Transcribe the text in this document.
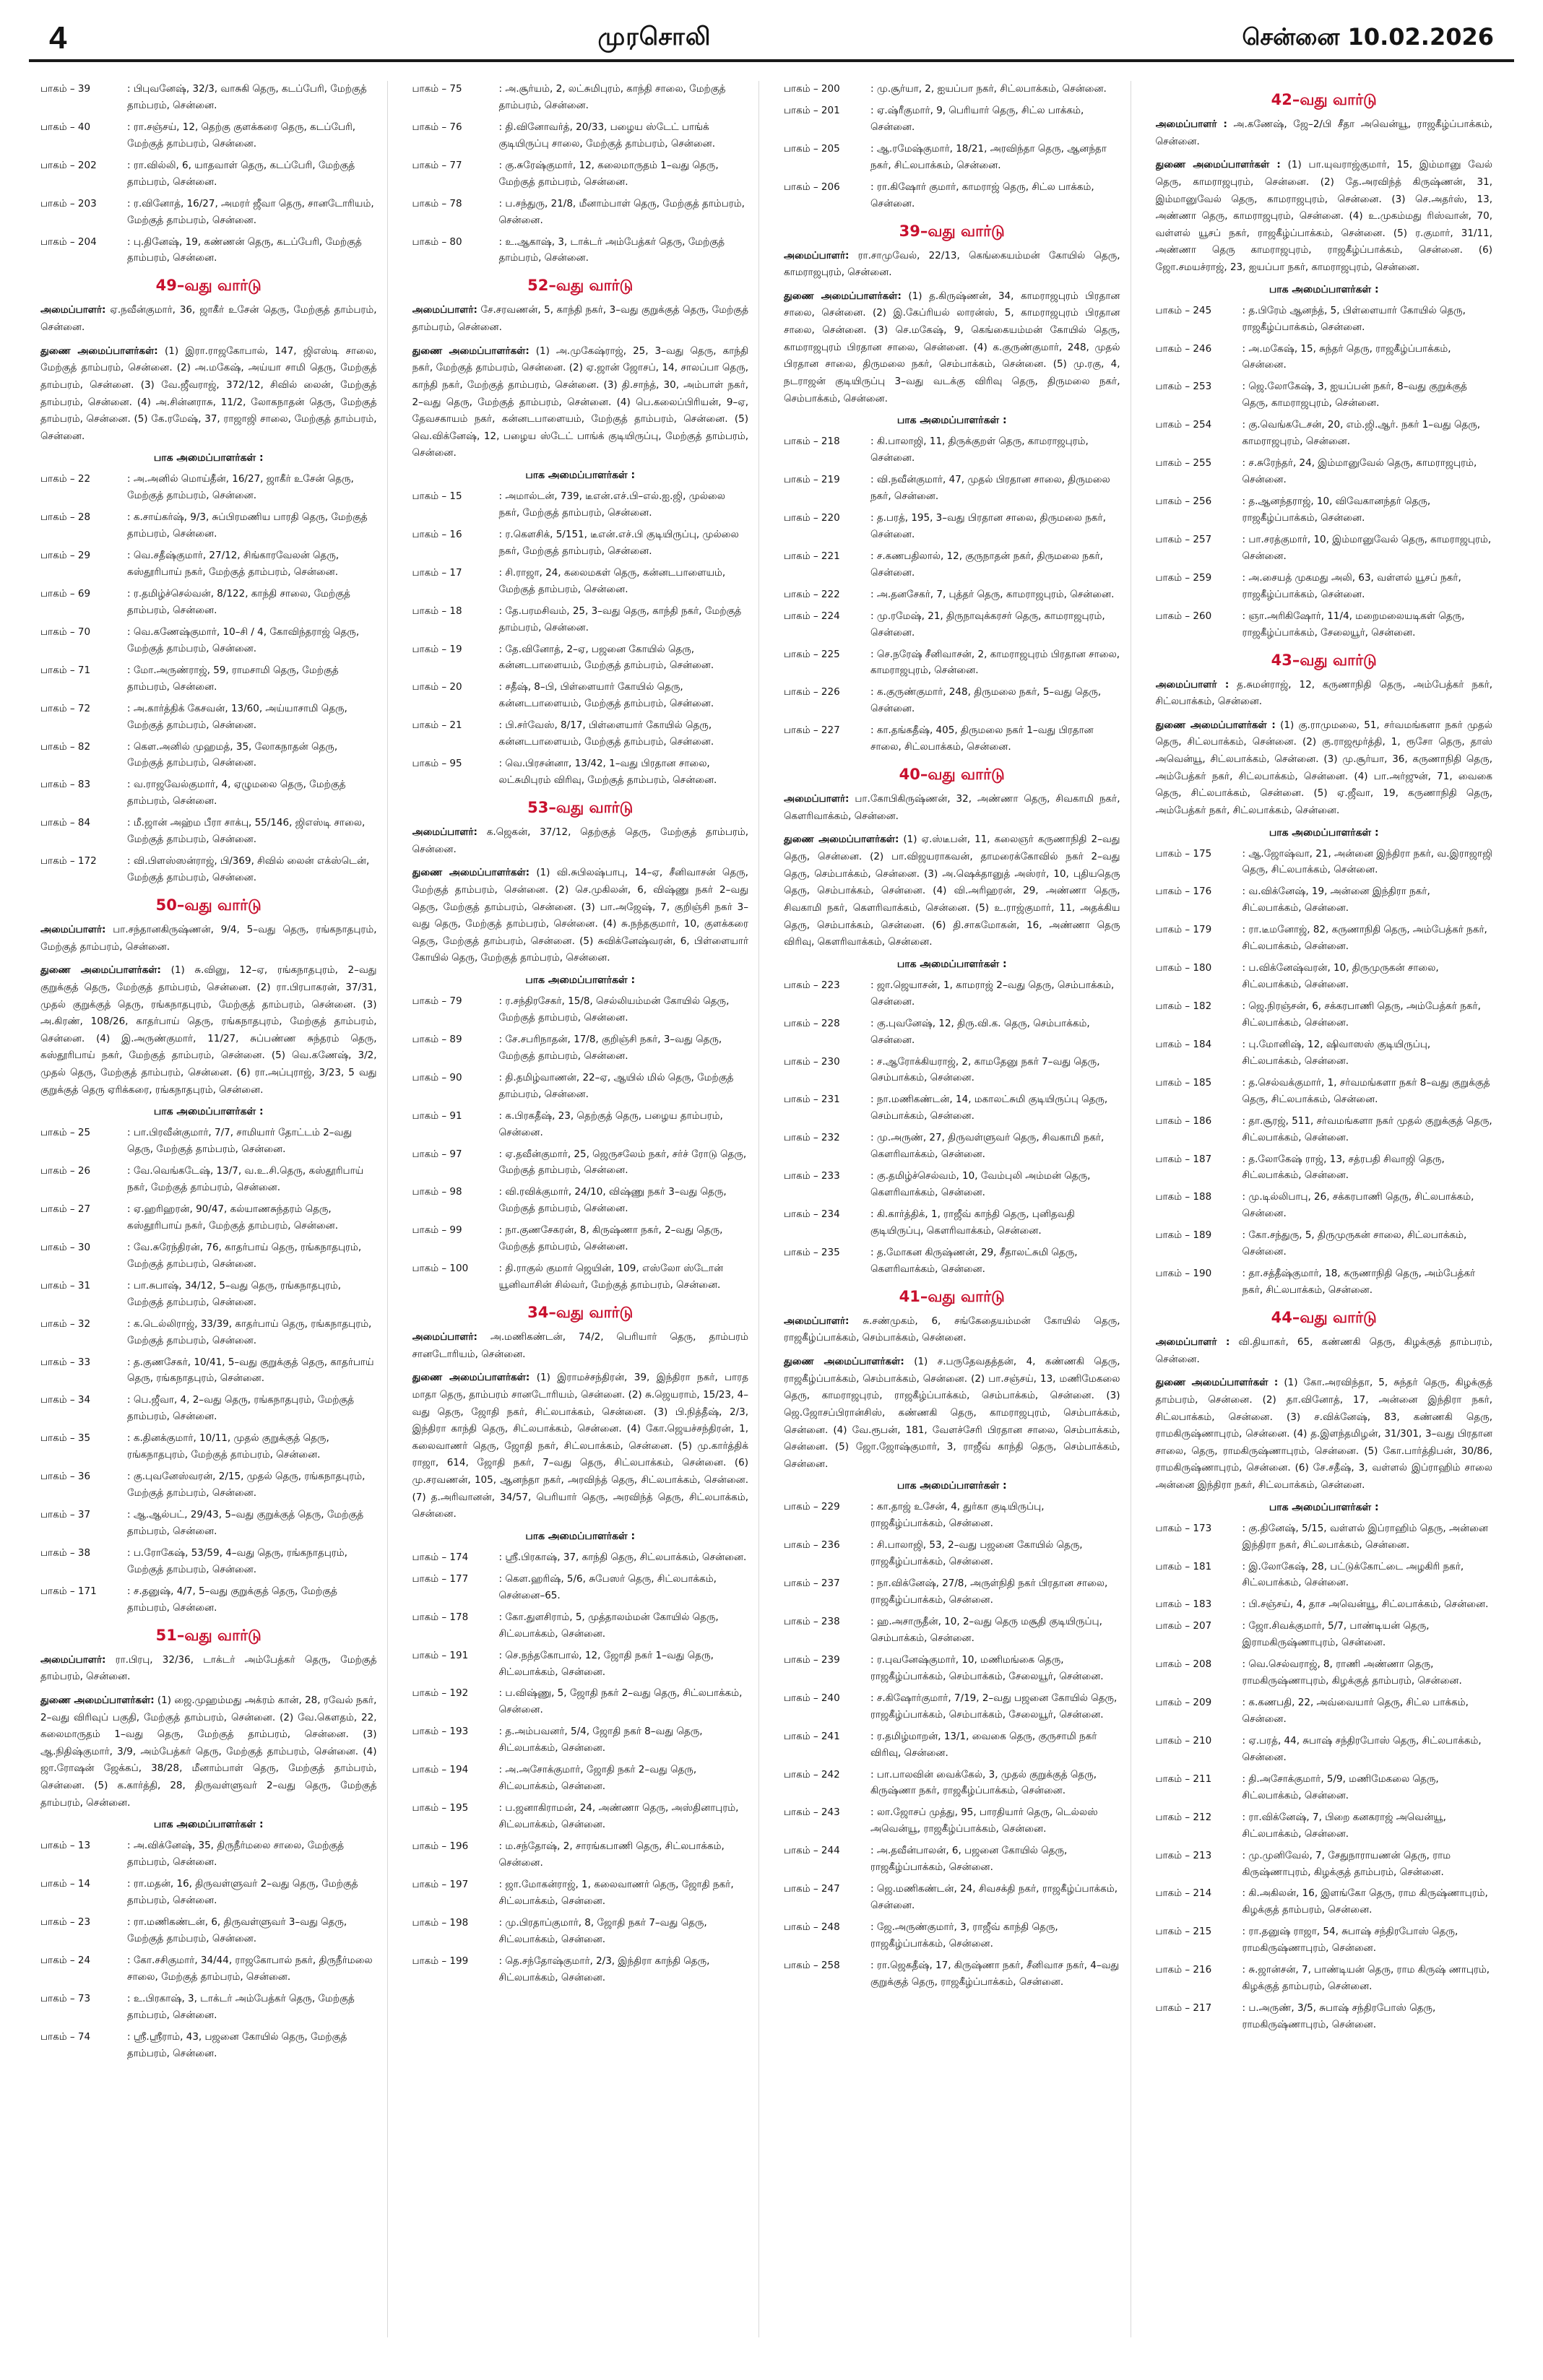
4	முரசொலி	சென்னை 10.02.2026
பாகம் – 39	: பிபுவனேஷ், 32/3, வாசுகி தெரு, கடப்பேரி, மேற்குத் தாம்பரம், சென்னை.
பாகம் – 40	: ரா.சஞ்சய், 12, தெற்கு குளக்கரை தெரு, கடப்பேரி, மேற்குத் தாம்பரம், சென்னை.
பாகம் – 202	: ரா.வில்லி, 6, யாதவாள் தெரு, கடப்பேரி, மேற்குத் தாம்பரம், சென்னை.
பாகம் – 203	: ர.வினோத், 16/27, அமரர் ஜீவா தெரு, சானடோரியம், மேற்குத் தாம்பரம், சென்னை.
பாகம் – 204	: பு.தினேஷ், 19, கண்ணன் தெரு, கடப்பேரி, மேற்குத் தாம்பரம், சென்னை.
49–வது வார்டு

அமைப்பாளர்: ஏ.நவீன்குமார், 36, ஜாகீர் உசேன் தெரு, மேற்குத் தாம்பரம், சென்னை.

துணை அமைப்பாளர்கள்: (1) இரா.ராஜகோபால், 147, ஜிஎஸ்டி சாலை, மேற்குத் தாம்பரம், சென்னை. (2) அ.மகேஷ், அய்யா சாமி தெரு, மேற்குத் தாம்பரம், சென்னை. (3) வே.ஜீவராஜ், 372/12, சிவில் லைன், மேற்குத் தாம்பரம், சென்னை. (4) அ.சின்னராசு, 11/2, லோகநாதன் தெரு, மேற்குத் தாம்பரம், சென்னை. (5) கே.ரமேஷ், 37, ராஜாஜி சாலை, மேற்குத் தாம்பரம், சென்னை.

பாக அமைப்பாளர்கள் :
பாகம் – 22	: அ.அனில் மொய்தீன், 16/27, ஜாகீர் உசேன் தெரு, மேற்குத் தாம்பரம், சென்னை.
பாகம் – 28	: க.சாய்கர்ஷ், 9/3, சுப்பிரமணிய பாரதி தெரு, மேற்குத் தாம்பரம், சென்னை.
பாகம் – 29	: வெ.சதீஷ்குமார், 27/12, சிங்காரவேலன் தெரு, கஸ்தூரிபாய் நகர், மேற்குத் தாம்பரம், சென்னை.
பாகம் – 69	: ர.தமிழ்ச்செல்வன், 8/122, காந்தி சாலை, மேற்குத் தாம்பரம், சென்னை.
பாகம் – 70	: வெ.கணேஷ்குமார், 10–சி / 4, கோவிந்தராஜ் தெரு, மேற்குத் தாம்பரம், சென்னை.
பாகம் – 71	: மோ.அருண்ராஜ், 59, ராமசாமி தெரு, மேற்குத் தாம்பரம், சென்னை.
பாகம் – 72	: அ.கார்த்திக் கேசவன், 13/60, அய்யாசாமி தெரு, மேற்குத் தாம்பரம், சென்னை.
பாகம் – 82	: கௌ.அனில் முஹமத், 35, லோகநாதன் தெரு, மேற்குத் தாம்பரம், சென்னை.
பாகம் – 83	: வ.ராஜவேல்குமார், 4, ஏழுமலை தெரு, மேற்குத் தாம்பரம், சென்னை.
பாகம் – 84	: மீ.ஜான் அஹ்ம பீரா சாக்பு, 55/146, ஜிஎஸ்டி சாலை, மேற்குத் தாம்பரம், சென்னை.
பாகம் – 172	: வி.பிளஸ்ஸன்ராஜ், பி/369, சிவில் லைன் எக்ஸ்டென், மேற்குத் தாம்பரம், சென்னை.
50–வது வார்டு

அமைப்பாளர்: பா.சந்தானகிருஷ்ணன், 9/4, 5–வது தெரு, ரங்கநாதபுரம், மேற்குத் தாம்பரம், சென்னை.

துணை அமைப்பாளர்கள்: (1) சு.வினு, 12–ஏ, ரங்கநாதபுரம், 2–வது குறுக்குத் தெரு, மேற்குத் தாம்பரம், சென்னை. (2) ரா.பிரபாகரன், 37/31, முதல் குறுக்குத் தெரு, ரங்கநாதபுரம், மேற்குத் தாம்பரம், சென்னை. (3) அ.கிரண், 108/26, காதர்பாய் தெரு, ரங்கநாதபுரம், மேற்குத் தாம்பரம், சென்னை. (4) இ.அருண்குமார், 11/27, சுப்பண்ண சுந்தரம் தெரு, கஸ்தூரிபாய் நகர், மேற்குத் தாம்பரம், சென்னை. (5) வெ.கணேஷ், 3/2, முதல் தெரு, மேற்குத் தாம்பரம், சென்னை. (6) ரா.அப்புராஜ், 3/23, 5 வது குறுக்குத் தெரு ஏரிக்கரை, ரங்கநாதபுரம், சென்னை.

பாக அமைப்பாளர்கள் :
பாகம் – 25	: பா.பிரவீன்குமார், 7/7, சாமியார் தோட்டம் 2–வது தெரு, மேற்குத் தாம்பரம், சென்னை.
பாகம் – 26	: வே.வெங்கடேஷ், 13/7, வ.உ.சி.தெரு, கஸ்தூரிபாய் நகர், மேற்குத் தாம்பரம், சென்னை.
பாகம் – 27	: ஏ.ஹரிஹரன், 90/47, கல்யாணசுந்தரம் தெரு, கஸ்தூரிபாய் நகர், மேற்குத் தாம்பரம், சென்னை.
பாகம் – 30	: வே.சுரேந்திரன், 76, காதர்பாய் தெரு, ரங்கநாதபுரம், மேற்குத் தாம்பரம், சென்னை.
பாகம் – 31	: பா.சுபாஷ், 34/12, 5–வது தெரு, ரங்கநாதபுரம், மேற்குத் தாம்பரம், சென்னை.
பாகம் – 32	: க.டெல்லிராஜ், 33/39, காதர்பாய் தெரு, ரங்கநாதபுரம், மேற்குத் தாம்பரம், சென்னை.
பாகம் – 33	: த.குணசேகர், 10/41, 5–வது குறுக்குத் தெரு, காதர்பாய் தெரு, ரங்கநாதபுரம், சென்னை.
பாகம் – 34	: பெ.ஜீவா, 4, 2–வது தெரு, ரங்கநாதபுரம், மேற்குத் தாம்பரம், சென்னை.
பாகம் – 35	: க.தினக்குமார், 10/11, முதல் குறுக்குத் தெரு, ரங்கநாதபுரம், மேற்குத் தாம்பரம், சென்னை.
பாகம் – 36	: கு.புவனேஸ்வரன், 2/15, முதல் தெரு, ரங்கநாதபுரம், மேற்குத் தாம்பரம், சென்னை.
பாகம் – 37	: ஆ.ஆல்பட், 29/43, 5–வது குறுக்குத் தெரு, மேற்குத் தாம்பரம், சென்னை.
பாகம் – 38	: ப.ரோகேஷ், 53/59, 4–வது தெரு, ரங்கநாதபுரம், மேற்குத் தாம்பரம், சென்னை.
பாகம் – 171	: ச.தனுஷ், 4/7, 5–வது குறுக்குத் தெரு, மேற்குத் தாம்பரம், சென்னை.
51–வது வார்டு

அமைப்பாளர்: ரா.பிரபு, 32/36, டாக்டர் அம்பேத்கர் தெரு, மேற்குத் தாம்பரம், சென்னை.

துணை அமைப்பாளர்கள்: (1) ஜை.முஹம்மது அக்ரம் கான், 28, ரவேல் நகர், 2–வது விரிவுப் பகுதி, மேற்குத் தாம்பரம், சென்னை. (2) வே.கௌதம், 22, கலைமாருதம் 1–வது தெரு, மேற்குத் தாம்பரம், சென்னை. (3) ஆ.நிதிஷ்குமார், 3/9, அம்பேத்கர் தெரு, மேற்குத் தாம்பரம், சென்னை. (4) ஜா.ரோஷன் ஜேக்கப், 38/28, மீனாம்பாள் தெரு, மேற்குத் தாம்பரம், சென்னை. (5) க.கார்த்தி, 28, திருவள்ளுவர் 2–வது தெரு, மேற்குத் தாம்பரம், சென்னை.

பாக அமைப்பாளர்கள் :
பாகம் – 13	: அ.விக்னேஷ், 35, திருநீர்மலை சாலை, மேற்குத் தாம்பரம், சென்னை.
பாகம் – 14	: ரா.மதன், 16, திருவள்ளுவர் 2–வது தெரு, மேற்குத் தாம்பரம், சென்னை.
பாகம் – 23	: ரா.மணிகண்டன், 6, திருவள்ளுவர் 3–வது தெரு, மேற்குத் தாம்பரம், சென்னை.
பாகம் – 24	: கோ.சசிகுமார், 34/44, ராஜகோபால் நகர், திருநீர்மலை சாலை, மேற்குத் தாம்பரம், சென்னை.
பாகம் – 73	: உ.பிரகாஷ், 3, டாக்டர் அம்பேத்கர் தெரு, மேற்குத் தாம்பரம், சென்னை.
பாகம் – 74	: ஸ்ரீ.ஸ்ரீராம், 43, பஜனை கோயில் தெரு, மேற்குத் தாம்பரம், சென்னை.
பாகம் – 75	: அ.சூர்யம், 2, லட்சுமிபுரம், காந்தி சாலை, மேற்குத் தாம்பரம், சென்னை.
பாகம் – 76	: தி.வினோவர்த், 20/33, பழைய ஸ்டேட் பாங்க் குடியிருப்பு சாலை, மேற்குத் தாம்பரம், சென்னை.
பாகம் – 77	: கு.சுரேஷ்குமார், 12, கலைமாருதம் 1–வது தெரு, மேற்குத் தாம்பரம், சென்னை.
பாகம் – 78	: ப.சந்துரு, 21/8, மீனாம்பாள் தெரு, மேற்குத் தாம்பரம், சென்னை.
பாகம் – 80	: உ.ஆகாஷ், 3, டாக்டர் அம்பேத்கர் தெரு, மேற்குத் தாம்பரம், சென்னை.
52–வது வார்டு

அமைப்பாளர்: சே.சரவணன், 5, காந்தி நகர், 3–வது குறுக்குத் தெரு, மேற்குத் தாம்பரம், சென்னை.

துணை அமைப்பாளர்கள்: (1) அ.முகேஷ்ராஜ், 25, 3–வது தெரு, காந்தி நகர், மேற்குத் தாம்பரம், சென்னை. (2) ஏ.ஜான் ஜோசப், 14, சாலப்பா தெரு, காந்தி நகர், மேற்குத் தாம்பரம், சென்னை. (3) தி.சாந்த், 30, அம்பாள் நகர், 2–வது தெரு, மேற்குத் தாம்பரம், சென்னை. (4) பெ.கலைப்பிரியன், 9–ஏ, தேவசகாயம் நகர், கன்னடபாளையம், மேற்குத் தாம்பரம், சென்னை. (5) வெ.விக்னேஷ், 12, பழைய ஸ்டேட் பாங்க் குடியிருப்பு, மேற்குத் தாம்பரம், சென்னை.

பாக அமைப்பாளர்கள் :
பாகம் – 15	: அமால்டன், 739, டீஎன்.எச்.பி–எல்.ஐ.ஜி, முல்லை நகர், மேற்குத் தாம்பரம், சென்னை.
பாகம் – 16	: ர.கௌசிக், 5/151, டீஎன்.எச்.பி குடியிருப்பு, முல்லை நகர், மேற்குத் தாம்பரம், சென்னை.
பாகம் – 17	: சி.ராஜா, 24, கலைமகள் தெரு, கன்னடபாளையம், மேற்குத் தாம்பரம், சென்னை.
பாகம் – 18	: தே.பரமசிவம், 25, 3–வது தெரு, காந்தி நகர், மேற்குத் தாம்பரம், சென்னை.
பாகம் – 19	: தே.வினோத், 2–ஏ, பஜனை கோயில் தெரு, கன்னடபாளையம், மேற்குத் தாம்பரம், சென்னை.
பாகம் – 20	: சதீஷ், 8–பி, பிள்ளையார் கோயில் தெரு, கன்னடபாளையம், மேற்குத் தாம்பரம், சென்னை.
பாகம் – 21	: பி.சர்வேஸ், 8/17, பிள்ளையார் கோயில் தெரு, கன்னடபாளையம், மேற்குத் தாம்பரம், சென்னை.
பாகம் – 95	: வெ.பிரசன்னா, 13/42, 1–வது பிரதான சாலை, லட்சுமிபுரம் விரிவு, மேற்குத் தாம்பரம், சென்னை.
53–வது வார்டு

அமைப்பாளர்: க.ஜெகன், 37/12, தெற்குத் தெரு, மேற்குத் தாம்பரம், சென்னை.

துணை அமைப்பாளர்கள்: (1) வி.சுபிலஷ்பாபு, 14–ஏ, சீனிவாசன் தெரு, மேற்குத் தாம்பரம், சென்னை. (2) செ.முகிலன், 6, விஷ்ணு நகர் 2–வது தெரு, மேற்குத் தாம்பரம், சென்னை. (3) பா.அஜேஷ், 7, குறிஞ்சி நகர் 3–வது தெரு, மேற்குத் தாம்பரம், சென்னை. (4) சு.நந்தகுமார், 10, குளக்கரை தெரு, மேற்குத் தாம்பரம், சென்னை. (5) சுவிக்னேஷ்வரன், 6, பிள்ளையார் கோயில் தெரு, மேற்குத் தாம்பரம், சென்னை.

பாக அமைப்பாளர்கள் :
பாகம் – 79	: ர.சந்திரசேகர், 15/8, செல்லியம்மன் கோயில் தெரு, மேற்குத் தாம்பரம், சென்னை.
பாகம் – 89	: சே.சபரிநாதன், 17/8, குறிஞ்சி நகர், 3–வது தெரு, மேற்குத் தாம்பரம், சென்னை.
பாகம் – 90	: தி.தமிழ்வாணன், 22–ஏ, ஆயில் மில் தெரு, மேற்குத் தாம்பரம், சென்னை.
பாகம் – 91	: க.பிரகதீஷ், 23, தெற்குத் தெரு, பழைய தாம்பரம், சென்னை.
பாகம் – 97	: ஏ.தவீன்குமார், 25, ஜெருசலேம் நகர், சர்ச் ரோடு தெரு, மேற்குத் தாம்பரம், சென்னை.
பாகம் – 98	: வி.ரவிக்குமார், 24/10, விஷ்ணு நகர் 3–வது தெரு, மேற்குத் தாம்பரம், சென்னை.
பாகம் – 99	: நா.குணசேகரன், 8, கிருஷ்ணா நகர், 2–வது தெரு, மேற்குத் தாம்பரம், சென்னை.
பாகம் – 100	: தி.ராகுல் குமார் ஜெயின், 109, எஸ்லோ ஸ்டோன் யூனிவாசின் சில்வர், மேற்குத் தாம்பரம், சென்னை.
34–வது வார்டு

அமைப்பாளர்: அ.மணிகண்டன், 74/2, பெரியார் தெரு, தாம்பரம் சானடோரியம், சென்னை.

துணை அமைப்பாளர்கள்: (1) இராமச்சந்திரன், 39, இந்திரா நகர், பாரத மாதா தெரு, தாம்பரம் சானடோரியம், சென்னை. (2) சு.ஜெயராம், 15/23, 4–வது தெரு, ஜோதி நகர், சிட்லபாக்கம், சென்னை. (3) பி.நித்தீஷ், 2/3, இந்திரா காந்தி தெரு, சிட்லபாக்கம், சென்னை. (4) கோ.ஜெயச்சந்திரன், 1, கலைவாணர் தெரு, ஜோதி நகர், சிட்லபாக்கம், சென்னை. (5) மு.கார்த்திக் ராஜா, 614, ஜோதி நகர், 7–வது தெரு, சிட்லபாக்கம், சென்னை. (6) மு.சரவணன், 105, ஆனந்தா நகர், அரவிந்த் தெரு, சிட்லபாக்கம், சென்னை. (7) த.அரிவானன், 34/57, பெரியார் தெரு, அரவிந்த் தெரு, சிட்லபாக்கம், சென்னை.

பாக அமைப்பாளர்கள் :
பாகம் – 174	: ஸ்ரீ.பிரகாஷ், 37, காந்தி தெரு, சிட்லபாக்கம், சென்னை.
பாகம் – 177	: கௌ.ஹரிஷ், 5/6, சுபேஸர் தெரு, சிட்லபாக்கம், சென்னை–65.
பாகம் – 178	: கோ.துளசிராம், 5, முத்தாலம்மன் கோயில் தெரு, சிட்லபாக்கம், சென்னை.
பாகம் – 191	: செ.நந்தகோபால், 12, ஜோதி நகர் 1–வது தெரு, சிட்லபாக்கம், சென்னை.
பாகம் – 192	: ப.விஷ்ணு, 5, ஜோதி நகர் 2–வது தெரு, சிட்லபாக்கம், சென்னை.
பாகம் – 193	: த.அம்பவனர், 5/4, ஜோதி நகர் 8–வது தெரு, சிட்லபாக்கம், சென்னை.
பாகம் – 194	: அ.அசோக்குமார், ஜோதி நகர் 2–வது தெரு, சிட்லபாக்கம், சென்னை.
பாகம் – 195	: ப.ஜனாகிராமன், 24, அண்ணா தெரு, அஸ்தினாபுரம், சிட்லபாக்கம், சென்னை.
பாகம் – 196	: ம.சந்தோஷ், 2, சாரங்கபாணி தெரு, சிட்லபாக்கம், சென்னை.
பாகம் – 197	: ஜா.மோகன்ராஜ், 1, கலைவாணர் தெரு, ஜோதி நகர், சிட்லபாக்கம், சென்னை.
பாகம் – 198	: மு.பிரதாப்குமார், 8, ஜோதி நகர் 7–வது தெரு, சிட்லபாக்கம், சென்னை.
பாகம் – 199	: தெ.சந்தோஷ்குமார், 2/3, இந்திரா காந்தி தெரு, சிட்லபாக்கம், சென்னை.
பாகம் – 200	: மு.சூர்யா, 2, ஐயப்பா நகர், சிட்லபாக்கம், சென்னை.
பாகம் – 201	: ஏ.ஷ்ரீகுமார், 9, பெரியார் தெரு, சிட்ல பாக்கம், சென்னை.
பாகம் – 205	: ஆ.ரமேஷ்குமார், 18/21, அரவிந்தா தெரு, ஆனந்தா நகர், சிட்லபாக்கம், சென்னை.
பாகம் – 206	: ரா.கிஷோர் குமார், காமராஜ் தெரு, சிட்ல பாக்கம், சென்னை.
39–வது வார்டு

அமைப்பாளர்: ரா.சாமுவேல், 22/13, கெங்கையம்மன் கோயில் தெரு, காமராஜபுரம், சென்னை.

துணை அமைப்பாளர்கள்: (1) த.கிருஷ்ணன், 34, காமராஜபுரம் பிரதான சாலை, சென்னை. (2) இ.கேப்ரியல் லாரன்ஸ், 5, காமராஜபுரம் பிரதான சாலை, சென்னை. (3) செ.மகேஷ், 9, கெங்கையம்மன் கோயில் தெரு, காமராஜபுரம் பிரதான சாலை, சென்னை. (4) க.குருண்குமார், 248, முதல் பிரதான சாலை, திருமலை நகர், செம்பாக்கம், சென்னை. (5) மு.ரகு, 4, நடராஜன் குடியிருப்பு 3–வது வடக்கு விரிவு தெரு, திருமலை நகர், செம்பாக்கம், சென்னை.

பாக அமைப்பாளர்கள் :
பாகம் – 218	: கி.பாலாஜி, 11, திருக்குறள் தெரு, காமராஜபுரம், சென்னை.
பாகம் – 219	: வி.நவீன்குமார், 47, முதல் பிரதான சாலை, திருமலை நகர், சென்னை.
பாகம் – 220	: த.பரத், 195, 3–வது பிரதான சாலை, திருமலை நகர், சென்னை.
பாகம் – 221	: ச.கணபதிலால், 12, குருநாதன் நகர், திருமலை நகர், சென்னை.
பாகம் – 222	: அ.தனசேகர், 7, புத்தர் தெரு, காமராஜபுரம், சென்னை.
பாகம் – 224	: மு.ரமேஷ், 21, திருநாவுக்கரசர் தெரு, காமராஜபுரம், சென்னை.
பாகம் – 225	: செ.நரேஷ் சீனிவாசன், 2, காமராஜபுரம் பிரதான சாலை, காமராஜபுரம், சென்னை.
பாகம் – 226	: க.குருண்குமார், 248, திருமலை நகர், 5–வது தெரு, சென்னை.
பாகம் – 227	: கா.தங்கதீஷ், 405, திருமலை நகர் 1–வது பிரதான சாலை, சிட்லபாக்கம், சென்னை.
40–வது வார்டு

அமைப்பாளர்: பா.கோபிகிருஷ்ணன், 32, அண்ணா தெரு, சிவகாமி நகர், கௌரிவாக்கம், சென்னை.

துணை அமைப்பாளர்கள்: (1) ஏ.ஸ்டீபன், 11, கலைஞர் கருணாநிதி 2–வது தெரு, சென்னை. (2) பா.விஜயராகவன், தாமரைக்கோவில் நகர் 2–வது தெரு, செம்பாக்கம், சென்னை. (3) அ.ஷெக்தானுத் அஸ்ரர், 10, புதியதெரு தெரு, செம்பாக்கம், சென்னை. (4) வி.அரிஹரன், 29, அண்ணா தெரு, சிவகாமி நகர், கௌரிவாக்கம், சென்னை. (5) உ.ராஜ்குமார், 11, அதக்கிய தெரு, செம்பாக்கம், சென்னை. (6) தி.சாகமோகன், 16, அண்ணா தெரு விரிவு, கௌரிவாக்கம், சென்னை.

பாக அமைப்பாளர்கள் :
பாகம் – 223	: ஜா.ஜெயாசன், 1, காமராஜ் 2–வது தெரு, செம்பாக்கம், சென்னை.
பாகம் – 228	: கு.புவனேஷ், 12, திரு.வி.க. தெரு, செம்பாக்கம், சென்னை.
பாகம் – 230	: ச.ஆரோக்கியராஜ், 2, காமதேனு நகர் 7–வது தெரு, செம்பாக்கம், சென்னை.
பாகம் – 231	: நா.மணிகண்டன், 14, மகாலட்சுமி குடியிருப்பு தெரு, செம்பாக்கம், சென்னை.
பாகம் – 232	: மு.அருண், 27, திருவள்ளுவர் தெரு, சிவகாமி நகர், கௌரிவாக்கம், சென்னை.
பாகம் – 233	: கு.தமிழ்ச்செல்வம், 10, வேம்புலி அம்மன் தெரு, கௌரிவாக்கம், சென்னை.
பாகம் – 234	: கி.கார்த்திக், 1, ராஜீவ் காந்தி தெரு, புனிதவதி குடியிருப்பு, கௌரிவாக்கம், சென்னை.
பாகம் – 235	: த.மோகன கிருஷ்ணன், 29, சீதாலட்சுமி தெரு, கௌரிவாக்கம், சென்னை.
41–வது வார்டு

அமைப்பாளர்: சு.சண்முகம், 6, சங்கேதையம்மன் கோயில் தெரு, ராஜகீழ்ப்பாக்கம், செம்பாக்கம், சென்னை.

துணை அமைப்பாளர்கள்: (1) ச.பருதேவதத்தன், 4, கண்ணகி தெரு, ராஜகீழ்ப்பாக்கம், செம்பாக்கம், சென்னை. (2) பா.சஞ்சய், 13, மணிமேகலை தெரு, காமராஜபுரம், ராஜகீழ்ப்பாக்கம், செம்பாக்கம், சென்னை. (3) ஜெ.ஜோசப்பிரான்சிஸ், கண்ணகி தெரு, காமராஜபுரம், செம்பாக்கம், சென்னை. (4) வே.ரூபன், 181, வேளச்சேரி பிரதான சாலை, செம்பாக்கம், சென்னை. (5) ஜோ.ஜோஷ்குமார், 3, ராஜீவ் காந்தி தெரு, செம்பாக்கம், சென்னை.

பாக அமைப்பாளர்கள் :
பாகம் – 229	: கா.தாஜ் உசேன், 4, துர்கா குடியிருப்பு, ராஜகீழ்ப்பாக்கம், சென்னை.
பாகம் – 236	: சி.பாலாஜி, 53, 2–வது பஜனை கோயில் தெரு, ராஜகீழ்ப்பாக்கம், சென்னை.
பாகம் – 237	: நா.விக்னேஷ், 27/8, அருள்நிதி நகர் பிரதான சாலை, ராஜகீழ்ப்பாக்கம், சென்னை.
பாகம் – 238	: ஹ.அசாருதீன், 10, 2–வது தெரு மசூதி குடியிருப்பு, செம்பாக்கம், சென்னை.
பாகம் – 239	: ர.புவனேஷ்குமார், 10, மணிமங்கை தெரு, ராஜகீழ்ப்பாக்கம், செம்பாக்கம், சேலையூர், சென்னை.
பாகம் – 240	: ச.கிஷோர்குமார், 7/19, 2–வது பஜனை கோயில் தெரு, ராஜகீழ்ப்பாக்கம், செம்பாக்கம், சேலையூர், சென்னை.
பாகம் – 241	: ர.தமிழ்மாறன், 13/1, வைகை தெரு, குருசாமி நகர் விரிவு, சென்னை.
பாகம் – 242	: பா.பாலவின் வைக்கேல், 3, முதல் குறுக்குத் தெரு, கிருஷ்ணா நகர், ராஜகீழ்ப்பாக்கம், சென்னை.
பாகம் – 243	: லா.ஜோசப் முத்து, 95, பாரதியார் தெரு, டெல்லஸ் அவென்யூ, ராஜகீழ்ப்பாக்கம், சென்னை.
பாகம் – 244	: அ.தவீன்பாலன், 6, பஜனை கோயில் தெரு, ராஜகீழ்ப்பாக்கம், சென்னை.
பாகம் – 247	: ஜெ.மணிகண்டன், 24, சிவசக்தி நகர், ராஜகீழ்ப்பாக்கம், சென்னை.
பாகம் – 248	: ஜே.அருண்குமார், 3, ராஜீவ் காந்தி தெரு, ராஜகீழ்ப்பாக்கம், சென்னை.
பாகம் – 258	: ரா.ஜெகதீஷ், 17, கிருஷ்ணா நகர், சீனிவாச நகர், 4–வது குறுக்குத் தெரு, ராஜகீழ்ப்பாக்கம், சென்னை.
42–வது வார்டு

அமைப்பாளர் : அ.கணேஷ், ஜே–2/பி சீதா அவென்யூ, ராஜகீழ்ப்பாக்கம், சென்னை.

துணை அமைப்பாளர்கள் : (1) பா.யுவராஜ்குமார், 15, இம்மானு வேல் தெரு, காமராஜபுரம், சென்னை. (2) தே.அரவிந்த் கிருஷ்ணன், 31, இம்மானுவேல் தெரு, காமராஜபுரம், சென்னை. (3) செ.அதர்ஸ், 13, அண்ணா தெரு, காமராஜபுரம், சென்னை. (4) உ.முகம்மது ரிஸ்வான், 70, வள்ளல் யூசப் நகர், ராஜகீழ்ப்பாக்கம், சென்னை. (5) ர.குமார், 31/11, அண்ணா தெரு காமராஜபுரம், ராஜகீழ்ப்பாக்கம், சென்னை. (6) ஜோ.சமயச்ராஜ், 23, ஐயப்பா நகர், காமராஜபுரம், சென்னை.

பாக அமைப்பாளர்கள் :
பாகம் – 245	: த.பிரேம் ஆனந்த், 5, பிள்ளையார் கோயில் தெரு, ராஜகீழ்ப்பாக்கம், சென்னை.
பாகம் – 246	: அ.மகேஷ், 15, சுந்தர் தெரு, ராஜகீழ்ப்பாக்கம், சென்னை.
பாகம் – 253	: ஜெ.லோகேஷ், 3, ஐயப்பன் நகர், 8–வது குறுக்குத் தெரு, காமராஜபுரம், சென்னை.
பாகம் – 254	: கு.வெங்கடேசன், 20, எம்.ஜி.ஆர். நகர் 1–வது தெரு, காமராஜபுரம், சென்னை.
பாகம் – 255	: ச.சுரேந்தர், 24, இம்மானுவேல் தெரு, காமராஜபுரம், சென்னை.
பாகம் – 256	: த.ஆனந்தராஜ், 10, விவேகானந்தர் தெரு, ராஜகீழ்ப்பாக்கம், சென்னை.
பாகம் – 257	: பா.சரத்குமார், 10, இம்மானுவேல் தெரு, காமராஜபுரம், சென்னை.
பாகம் – 259	: அ.சையத் முகமது அலி, 63, வள்ளல் யூசப் நகர், ராஜகீழ்ப்பாக்கம், சென்னை.
பாகம் – 260	: ஞா.அரிகிஷோர், 11/4, மறைமலையடிகள் தெரு, ராஜகீழ்ப்பாக்கம், சேலையூர், சென்னை.
43–வது வார்டு

அமைப்பாளர் : த.சுமன்ராஜ், 12, கருணாநிதி தெரு, அம்பேத்கர் நகர், சிட்லபாக்கம், சென்னை.

துணை அமைப்பாளர்கள் : (1) கு.ராமுமலை, 51, சர்வமங்களா நகர் முதல் தெரு, சிட்லபாக்கம், சென்னை. (2) கு.ராஜமூர்த்தி, 1, ரூசோ தெரு, தாஸ் அவென்யூ, சிட்லபாக்கம், சென்னை. (3) மு.சூர்யா, 36, கருணாநிதி தெரு, அம்பேத்கர் நகர், சிட்லபாக்கம், சென்னை. (4) பா.அர்ஜுன், 71, வைகை தெரு, சிட்லபாக்கம், சென்னை. (5) ஏ.ஜீவா, 19, கருணாநிதி தெரு, அம்பேத்கர் நகர், சிட்லபாக்கம், சென்னை.

பாக அமைப்பாளர்கள் :
பாகம் – 175	: ஆ.ஜோஷ்வா, 21, அன்னை இந்திரா நகர், வ.இராஜாஜி தெரு, சிட்லபாக்கம், சென்னை.
பாகம் – 176	: வ.விக்னேஷ், 19, அன்னை இந்திரா நகர், சிட்லபாக்கம், சென்னை.
பாகம் – 179	: ரா.டீமனோஜ், 82, கருணாநிதி தெரு, அம்பேத்கர் நகர், சிட்லபாக்கம், சென்னை.
பாகம் – 180	: ப.விக்னேஷ்வரன், 10, திருமுருகன் சாலை, சிட்லபாக்கம், சென்னை.
பாகம் – 182	: ஜெ.நிரஞ்சன், 6, சக்கரபாணி தெரு, அம்பேத்கர் நகர், சிட்லபாக்கம், சென்னை.
பாகம் – 184	: பு.மோனிஷ், 12, ஷிவாஸஸ் குடியிருப்பு, சிட்லபாக்கம், சென்னை.
பாகம் – 185	: த.செல்வக்குமார், 1, சர்வமங்களா நகர் 8–வது குறுக்குத் தெரு, சிட்லபாக்கம், சென்னை.
பாகம் – 186	: தா.சூரஜ், 511, சர்வமங்களா நகர் முதல் குறுக்குத் தெரு, சிட்லபாக்கம், சென்னை.
பாகம் – 187	: த.லோகேஷ் ராஜ், 13, சத்ரபதி சிவாஜி தெரு, சிட்லபாக்கம், சென்னை.
பாகம் – 188	: மு.டில்லிபாபு, 26, சக்கரபாணி தெரு, சிட்லபாக்கம், சென்னை.
பாகம் – 189	: கோ.சந்துரு, 5, திருமுருகன் சாலை, சிட்லபாக்கம், சென்னை.
பாகம் – 190	: தா.சத்தீஷ்குமார், 18, கருணாநிதி தெரு, அம்பேத்கர் நகர், சிட்லபாக்கம், சென்னை.
44–வது வார்டு

அமைப்பாளர் : வி.தியாகர், 65, கண்ணகி தெரு, கிழக்குத் தாம்பரம், சென்னை.

துணை அமைப்பாளர்கள் : (1) கோ.அரவிந்தா, 5, சுந்தர் தெரு, கிழக்குத் தாம்பரம், சென்னை. (2) தா.வினோத், 17, அன்னை இந்திரா நகர், சிட்லபாக்கம், சென்னை. (3) ச.விக்னேஷ், 83, கண்ணகி தெரு, ராமகிருஷ்ணாபுரம், சென்னை. (4) த.இளந்தமிழன், 31/301, 3–வது பிரதான சாலை, தெரு, ராமகிருஷ்ணாபுரம், சென்னை. (5) கோ.பார்த்திபன், 30/86, ராமகிருஷ்ணாபுரம், சென்னை. (6) சே.சதீஷ், 3, வள்ளல் இப்ராஹிம் சாலை அன்னை இந்திரா நகர், சிட்லபாக்கம், சென்னை.

பாக அமைப்பாளர்கள் :
பாகம் – 173	: கு.தினேஷ், 5/15, வள்ளல் இப்ராஹிம் தெரு, அன்னை இந்திரா நகர், சிட்லபாக்கம், சென்னை.
பாகம் – 181	: இ.லோகேஷ், 28, பட்டுக்கோட்டை அழகிரி நகர், சிட்லபாக்கம், சென்னை.
பாகம் – 183	: பி.சஞ்சய், 4, தாச அவென்யூ, சிட்லபாக்கம், சென்னை.
பாகம் – 207	: ஜோ.சிவக்குமார், 5/7, பாண்டியன் தெரு, இராமகிருஷ்ணாபுரம், சென்னை.
பாகம் – 208	: வெ.செல்வராஜ், 8, ராணி அண்ணா தெரு, ராமகிருஷ்ணாபுரம், கிழக்குத் தாம்பரம், சென்னை.
பாகம் – 209	: க.கணபதி, 22, அவ்வையார் தெரு, சிட்ல பாக்கம், சென்னை.
பாகம் – 210	: ஏ.பரத், 44, சுபாஷ் சந்திரபோஸ் தெரு, சிட்லபாக்கம், சென்னை.
பாகம் – 211	: தி.அசோக்குமார், 5/9, மணிமேகலை தெரு, சிட்லபாக்கம், சென்னை.
பாகம் – 212	: ரா.விக்னேஷ், 7, பிறை கனகராஜ் அவென்யூ, சிட்லபாக்கம், சென்னை.
பாகம் – 213	: மு.முனிவேல், 7, சேதுநாராயணன் தெரு, ராம கிருஷ்ணாபுரம், கிழக்குத் தாம்பரம், சென்னை.
பாகம் – 214	: கி.அகிலன், 16, இளங்கோ தெரு, ராம கிருஷ்ணாபுரம், கிழக்குத் தாம்பரம், சென்னை.
பாகம் – 215	: ரா.தனுஷ் ராஜா, 54, சுபாஷ் சந்திரபோஸ் தெரு, ராமகிருஷ்ணாபுரம், சென்னை.
பாகம் – 216	: சு.ஜான்சன், 7, பாண்டியன் தெரு, ராம கிருஷ் ணாபுரம், கிழக்குத் தாம்பரம், சென்னை.
பாகம் – 217	: ப.அருண், 3/5, சுபாஷ் சந்திரபோஸ் தெரு, ராமகிருஷ்ணாபுரம், சென்னை.
